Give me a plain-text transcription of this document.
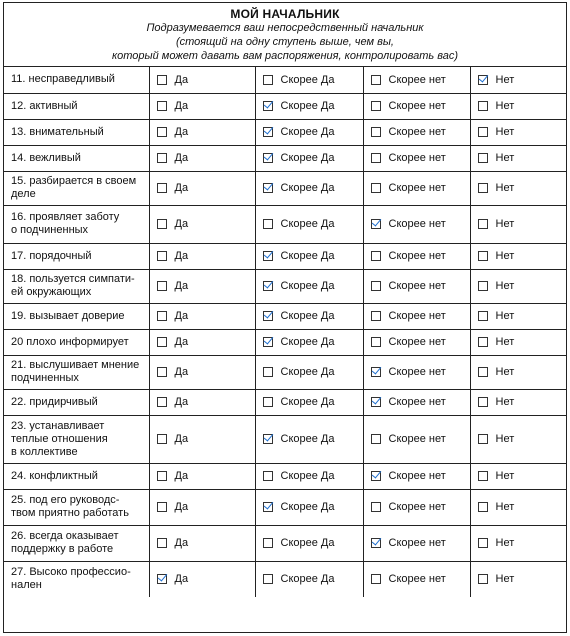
МОЙ НАЧАЛЬНИК
Подразумевается ваш непосредственный начальник
(стоящий на одну ступень выше, чем вы,
который может давать вам распоряжения, контролировать вас)
11. несправедливый	Да	Скорее Да	Скорее нет	Нет

12. активный	Да	Скорее Да	Скорее нет	Нет

13. внимательный	Да	Скорее Да	Скорее нет	Нет

14. вежливый	Да	Скорее Да	Скорее нет	Нет

15. разбирается в своем
деле	Да	Скорее Да	Скорее нет	Нет

16. проявляет заботу
о подчиненных	Да	Скорее Да	Скорее нет	Нет

17. порядочный	Да	Скорее Да	Скорее нет	Нет

18. пользуется симпати-
ей окружающих	Да	Скорее Да	Скорее нет	Нет

19. вызывает доверие	Да	Скорее Да	Скорее нет	Нет

20 плохо информирует	Да	Скорее Да	Скорее нет	Нет

21. выслушивает мнение
подчиненных	Да	Скорее Да	Скорее нет	Нет

22. придирчивый	Да	Скорее Да	Скорее нет	Нет

23. устанавливает
теплые отношения
в коллективе	Да	Скорее Да	Скорее нет	Нет

24. конфликтный	Да	Скорее Да	Скорее нет	Нет

25. под его руководс-
твом приятно работать	Да	Скорее Да	Скорее нет	Нет

26. всегда оказывает
поддержку в работе	Да	Скорее Да	Скорее нет	Нет

27. Высоко профессио-
нален	Да	Скорее Да	Скорее нет	Нет
